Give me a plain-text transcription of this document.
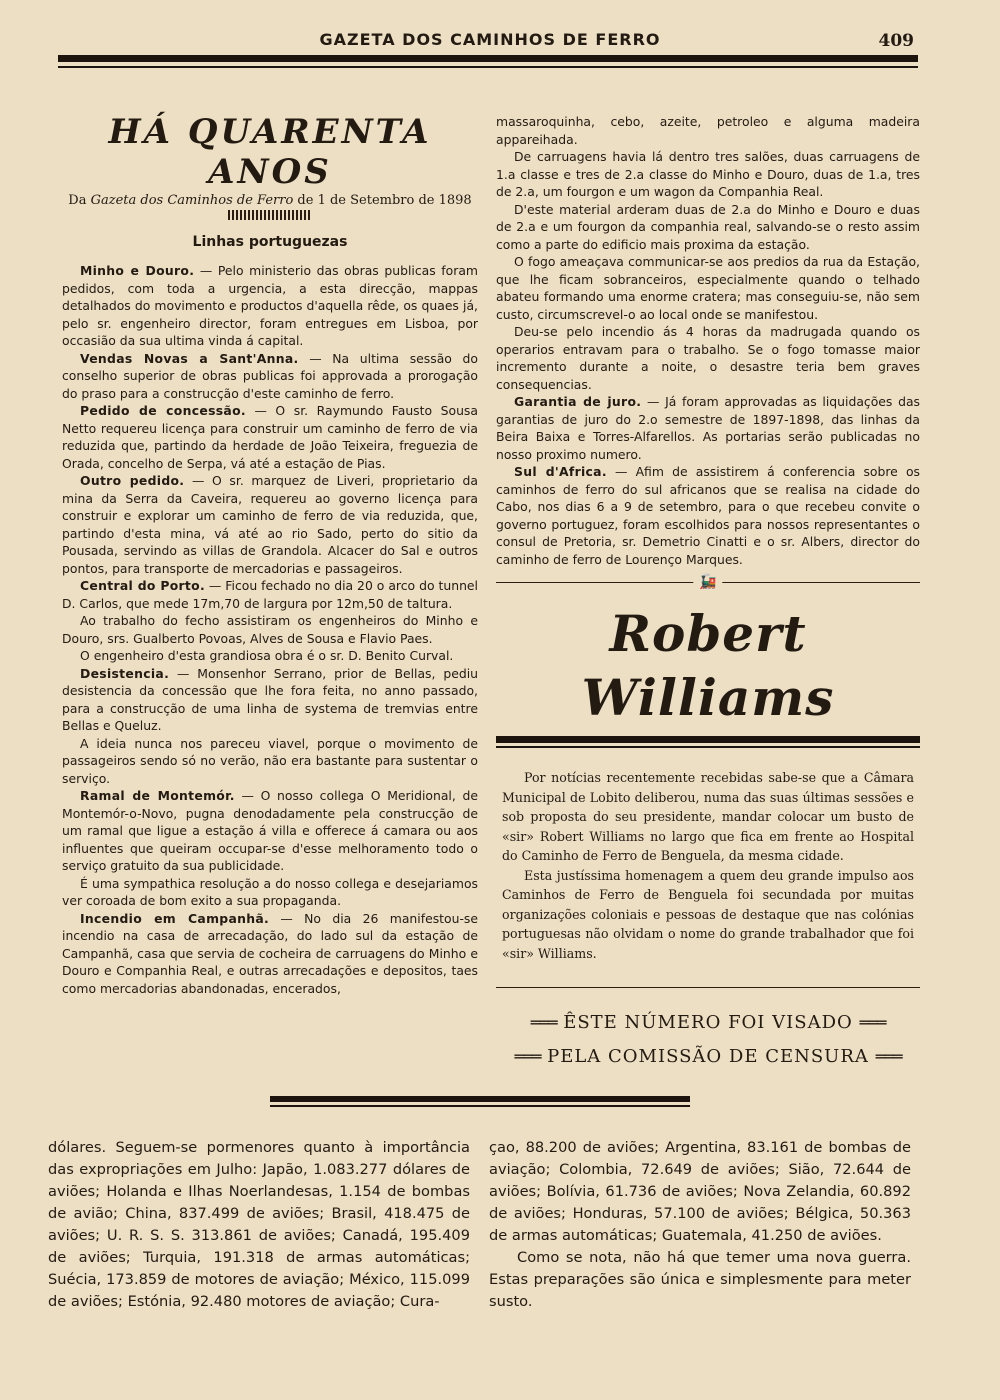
GAZETA DOS CAMINHOS DE FERRO	409
HÁ QUARENTA ANOS

Da Gazeta dos Caminhos de Ferro de 1 de Setembro de 1898

Linhas portuguezas

Minho e Douro. — Pelo ministerio das obras publicas foram pedidos, com toda a urgencia, a esta direcção, mappas detalhados do movimento e productos d'aquella rêde, os quaes já, pelo sr. engenheiro director, foram entregues em Lisboa, por occasião da sua ultima vinda á capital.

Vendas Novas a Sant'Anna. — Na ultima sessão do conselho superior de obras publicas foi approvada a prorogação do praso para a construcção d'este caminho de ferro.

Pedido de concessão. — O sr. Raymundo Fausto Sousa Netto requereu licença para construir um caminho de ferro de via reduzida que, partindo da herdade de João Teixeira, freguezia de Orada, concelho de Serpa, vá até a estação de Pias.

Outro pedido. — O sr. marquez de Liveri, proprietario da mina da Serra da Caveira, requereu ao governo licença para construir e explorar um caminho de ferro de via reduzida, que, partindo d'esta mina, vá até ao rio Sado, perto do sitio da Pousada, servindo as villas de Grandola. Alcacer do Sal e outros pontos, para transporte de mercadorias e passageiros.

Central do Porto. — Ficou fechado no dia 20 o arco do tunnel D. Carlos, que mede 17m,70 de largura por 12m,50 de taltura.

Ao trabalho do fecho assistiram os engenheiros do Minho e Douro, srs. Gualberto Povoas, Alves de Sousa e Flavio Paes.

O engenheiro d'esta grandiosa obra é o sr. D. Benito Curval.

Desistencia. — Monsenhor Serrano, prior de Bellas, pediu desistencia da concessão que lhe fora feita, no anno passado, para a construcção de uma linha de systema de tremvias entre Bellas e Queluz.

A ideia nunca nos pareceu viavel, porque o movimento de passageiros sendo só no verão, não era bastante para sustentar o serviço.

Ramal de Montemór. — O nosso collega O Meridional, de Montemór-o-Novo, pugna denodadamente pela construcção de um ramal que ligue a estação á villa e offerece á camara ou aos influentes que queiram occupar-se d'esse melhoramento todo o serviço gratuito da sua publicidade.

É uma sympathica resolução a do nosso collega e desejariamos ver coroada de bom exito a sua propaganda.

Incendio em Campanhã. — No dia 26 manifestou-se incendio na casa de arrecadação, do lado sul da estação de Campanhã, casa que servia de cocheira de carruagens do Minho e Douro e Companhia Real, e outras arrecadações e depositos, taes como mercadorias abandonadas, encerados,

massaroquinha, cebo, azeite, petroleo e alguma madeira appareihada.

De carruagens havia lá dentro tres salões, duas carruagens de 1.a classe e tres de 2.a classe do Minho e Douro, duas de 1.a, tres de 2.a, um fourgon e um wagon da Companhia Real.

D'este material arderam duas de 2.a do Minho e Douro e duas de 2.a e um fourgon da companhia real, salvando-se o resto assim como a parte do edificio mais proxima da estação.

O fogo ameaçava communicar-se aos predios da rua da Estação, que lhe ficam sobranceiros, especialmente quando o telhado abateu formando uma enorme cratera; mas conseguiu-se, não sem custo, circumscrevel-o ao local onde se manifestou.

Deu-se pelo incendio ás 4 horas da madrugada quando os operarios entravam para o trabalho. Se o fogo tomasse maior incremento durante a noite, o desastre teria bem graves consequencias.

Garantia de juro. — Já foram approvadas as liquidações das garantias de juro do 2.o semestre de 1897-1898, das linhas da Beira Baixa e Torres-Alfarellos. As portarias serão publicadas no nosso proximo numero.

Sul d'Africa. — Afim de assistirem á conferencia sobre os caminhos de ferro do sul africanos que se realisa na cidade do Cabo, nos dias 6 a 9 de setembro, para o que recebeu convite o governo portuguez, foram escolhidos para nossos representantes o consul de Pretoria, sr. Demetrio Cinatti e o sr. Albers, director do caminho de ferro de Lourenço Marques.

🚂
Robert Williams

Por notícias recentemente recebidas sabe-se que a Câmara Municipal de Lobito deliberou, numa das suas últimas sessões e sob proposta do seu presidente, mandar colocar um busto de «sir» Robert Williams no largo que fica em frente ao Hospital do Caminho de Ferro de Benguela, da mesma cidade.

Esta justíssima homenagem a quem deu grande impulso aos Caminhos de Ferro de Benguela foi secundada por muitas organizações coloniais e pessoas de destaque que nas colónias portuguesas não olvidam o nome do grande trabalhador que foi «sir» Williams.

═══ ÊSTE NÚMERO FOI VISADO ═══
═══ PELA COMISSÃO DE CENSURA ═══

dólares. Seguem-se pormenores quanto à importância das expropriações em Julho: Japão, 1.083.277 dólares de aviões; Holanda e Ilhas Noerlandesas, 1.154 de bombas de avião; China, 837.499 de aviões; Brasil, 418.475 de aviões; U. R. S. S. 313.861 de aviões; Canadá, 195.409 de aviões; Turquia, 191.318 de armas automáticas; Suécia, 173.859 de motores de aviação; México, 115.099 de aviões; Estónia, 92.480 motores de aviação; Cura-

çao, 88.200 de aviões; Argentina, 83.161 de bombas de aviação; Colombia, 72.649 de aviões; Sião, 72.644 de aviões; Bolívia, 61.736 de aviões; Nova Zelandia, 60.892 de aviões; Honduras, 57.100 de aviões; Bélgica, 50.363 de armas automáticas; Guatemala, 41.250 de aviões.

Como se nota, não há que temer uma nova guerra. Estas preparações são única e simplesmente para meter susto.
